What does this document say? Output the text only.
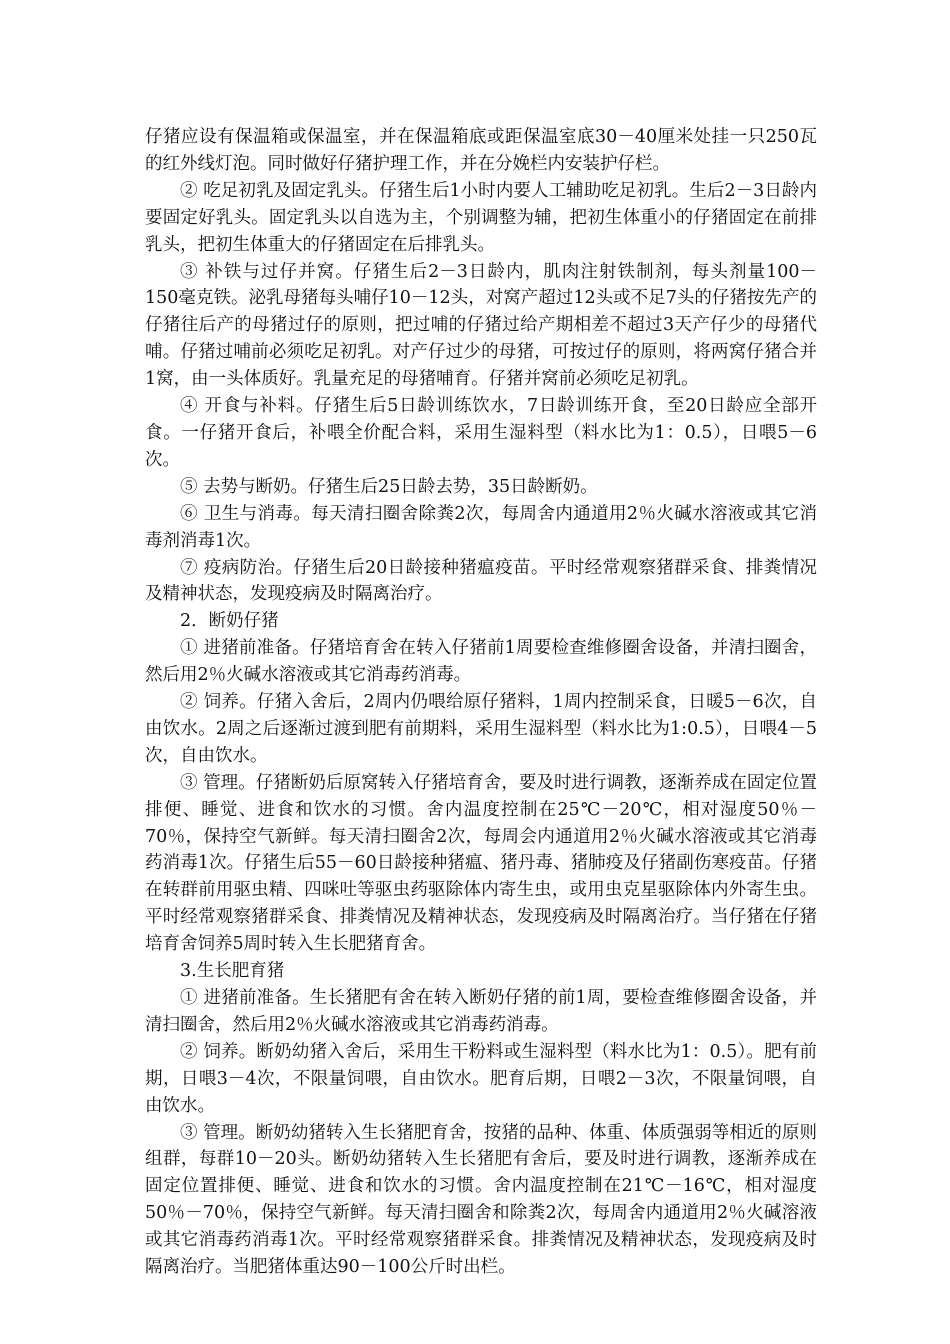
仔猪应设有保温箱或保温室，并在保温箱底或距保温室底30－40厘米处挂一只250瓦的红外线灯泡。同时做好仔猪护理工作，并在分娩栏内安装护仔栏。

② 吃足初乳及固定乳头。仔猪生后1小时内要人工辅助吃足初乳。生后2－3日龄内要固定好乳头。固定乳头以自选为主，个别调整为辅，把初生体重小的仔猪固定在前排乳头，把初生体重大的仔猪固定在后排乳头。

③ 补铁与过仔并窝。仔猪生后2－3日龄内，肌肉注射铁制剂，每头剂量100－150毫克铁。泌乳母猪每头哺仔10－12头，对窝产超过12头或不足7头的仔猪按先产的仔猪往后产的母猪过仔的原则，把过哺的仔猪过给产期相差不超过3天产仔少的母猪代哺。仔猪过哺前必须吃足初乳。对产仔过少的母猪，可按过仔的原则，将两窝仔猪合并1窝，由一头体质好。乳量充足的母猪哺育。仔猪并窝前必须吃足初乳。

④ 开食与补料。仔猪生后5日龄训练饮水，7日龄训练开食，至20日龄应全部开食。一仔猪开食后，补喂全价配合料，采用生湿料型（料水比为1：0.5），日喂5－6次。

⑤ 去势与断奶。仔猪生后25日龄去势，35日龄断奶。

⑥ 卫生与消毒。每天清扫圈舍除粪2次，每周舍内通道用2％火碱水溶液或其它消毒剂消毒1次。

⑦ 疫病防治。仔猪生后20日龄接种猪瘟疫苗。平时经常观察猪群采食、排粪情况及精神状态，发现疫病及时隔离治疗。

2．断奶仔猪

① 进猪前准备。仔猪培育舍在转入仔猪前1周要检查维修圈舍设备，并清扫圈舍，然后用2％火碱水溶液或其它消毒药消毒。

② 饲养。仔猪入舍后，2周内仍喂给原仔猪料，1周内控制采食，日暖5－6次，自由饮水。2周之后逐渐过渡到肥有前期料，采用生湿料型（料水比为1:0.5），日喂4－5次，自由饮水。

③ 管理。仔猪断奶后原窝转入仔猪培育舍，要及时进行调教，逐渐养成在固定位置排便、睡觉、进食和饮水的习惯。舍内温度控制在25℃－20℃，相对湿度50％－70％，保持空气新鲜。每天清扫圈舍2次，每周会内通道用2％火碱水溶液或其它消毒药消毒1次。仔猪生后55－60日龄接种猪瘟、猪丹毒、猪肺疫及仔猪副伤寒疫苗。仔猪在转群前用驱虫精、四咪吐等驱虫药驱除体内寄生虫，或用虫克星驱除体内外寄生虫。平时经常观察猪群采食、排粪情况及精神状态，发现疫病及时隔离治疗。当仔猪在仔猪培育舍饲养5周时转入生长肥猪育舍。

3.生长肥育猪

① 进猪前准备。生长猪肥有舍在转入断奶仔猪的前1周，要检查维修圈舍设备，并清扫圈舍，然后用2％火碱水溶液或其它消毒药消毒。

② 饲养。断奶幼猪入舍后，采用生干粉料或生湿料型（料水比为1：0.5）。肥有前期，日喂3－4次，不限量饲喂，自由饮水。肥育后期，日喂2－3次，不限量饲喂，自由饮水。

③ 管理。断奶幼猪转入生长猪肥育舍，按猪的品种、体重、体质强弱等相近的原则组群，每群10－20头。断奶幼猪转入生长猪肥有舍后，要及时进行调教，逐渐养成在固定位置排便、睡觉、进食和饮水的习惯。舍内温度控制在21℃－16℃，相对湿度50％－70％，保持空气新鲜。每天清扫圈舍和除粪2次，每周舍内通道用2％火碱溶液或其它消毒药消毒1次。平时经常观察猪群采食。排粪情况及精神状态，发现疫病及时隔离治疗。当肥猪体重达90－100公斤时出栏。
